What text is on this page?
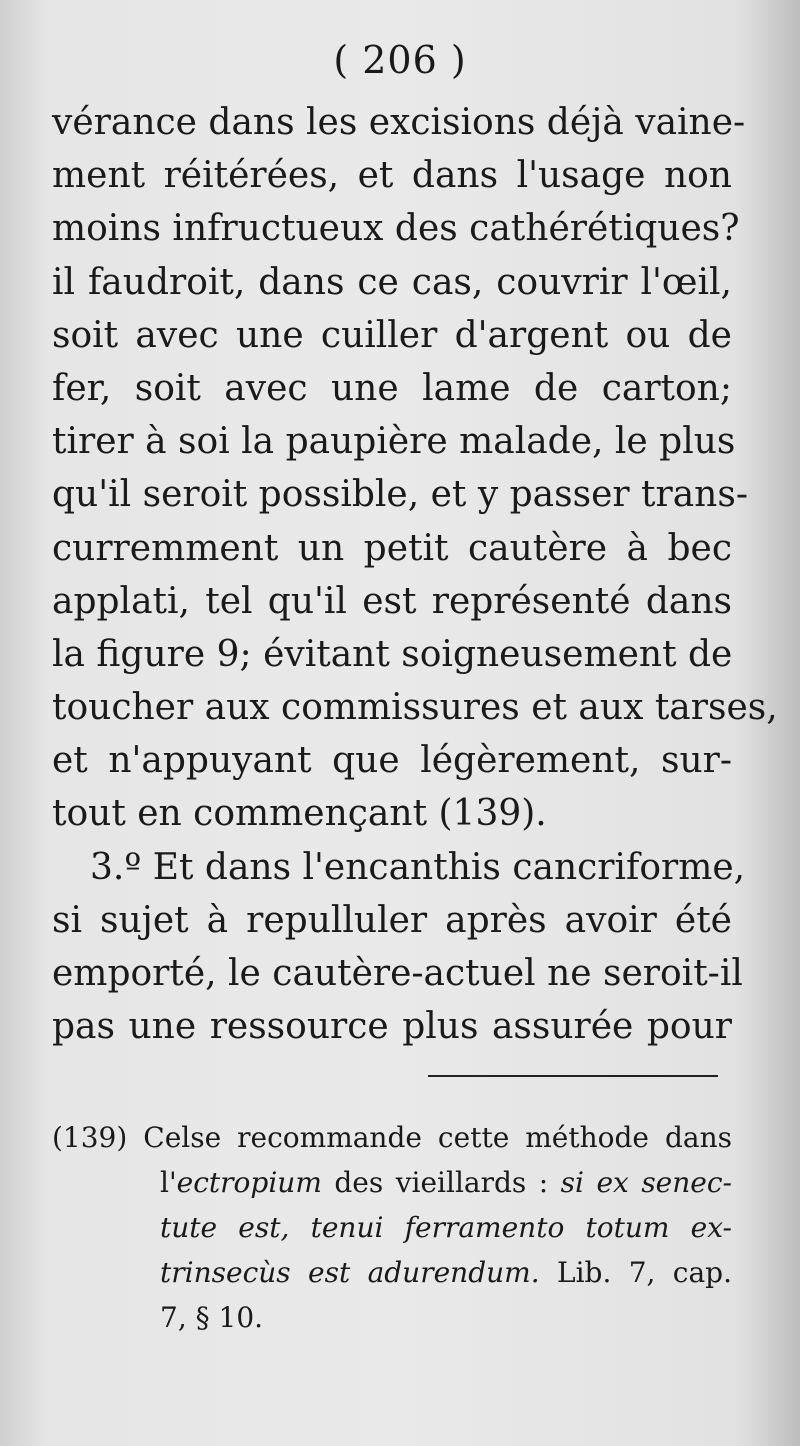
( 206 )
vérance dans les excisions déjà vaine-
ment réitérées, et dans l'usage non
moins infructueux des cathérétiques?
il faudroit, dans ce cas, couvrir l'œil,
soit avec une cuiller d'argent ou de
fer, soit avec une lame de carton;
tirer à soi la paupière malade, le plus
qu'il seroit possible, et y passer trans-
curremment un petit cautère à bec
applati, tel qu'il est représenté dans
la figure 9; évitant soigneusement de
toucher aux commissures et aux tarses,
et n'appuyant que légèrement, sur-
tout en commençant (139).
3.º Et dans l'encanthis cancriforme,
si sujet à repulluler après avoir été
emporté, le cautère-actuel ne seroit-il
pas une ressource plus assurée pour
(139) Celse recommande cette méthode dans
l'ectropium des vieillards : si ex senec-
tute est, tenui ferramento totum ex-
trinsecùs est adurendum. Lib. 7, cap.
7, § 10.
